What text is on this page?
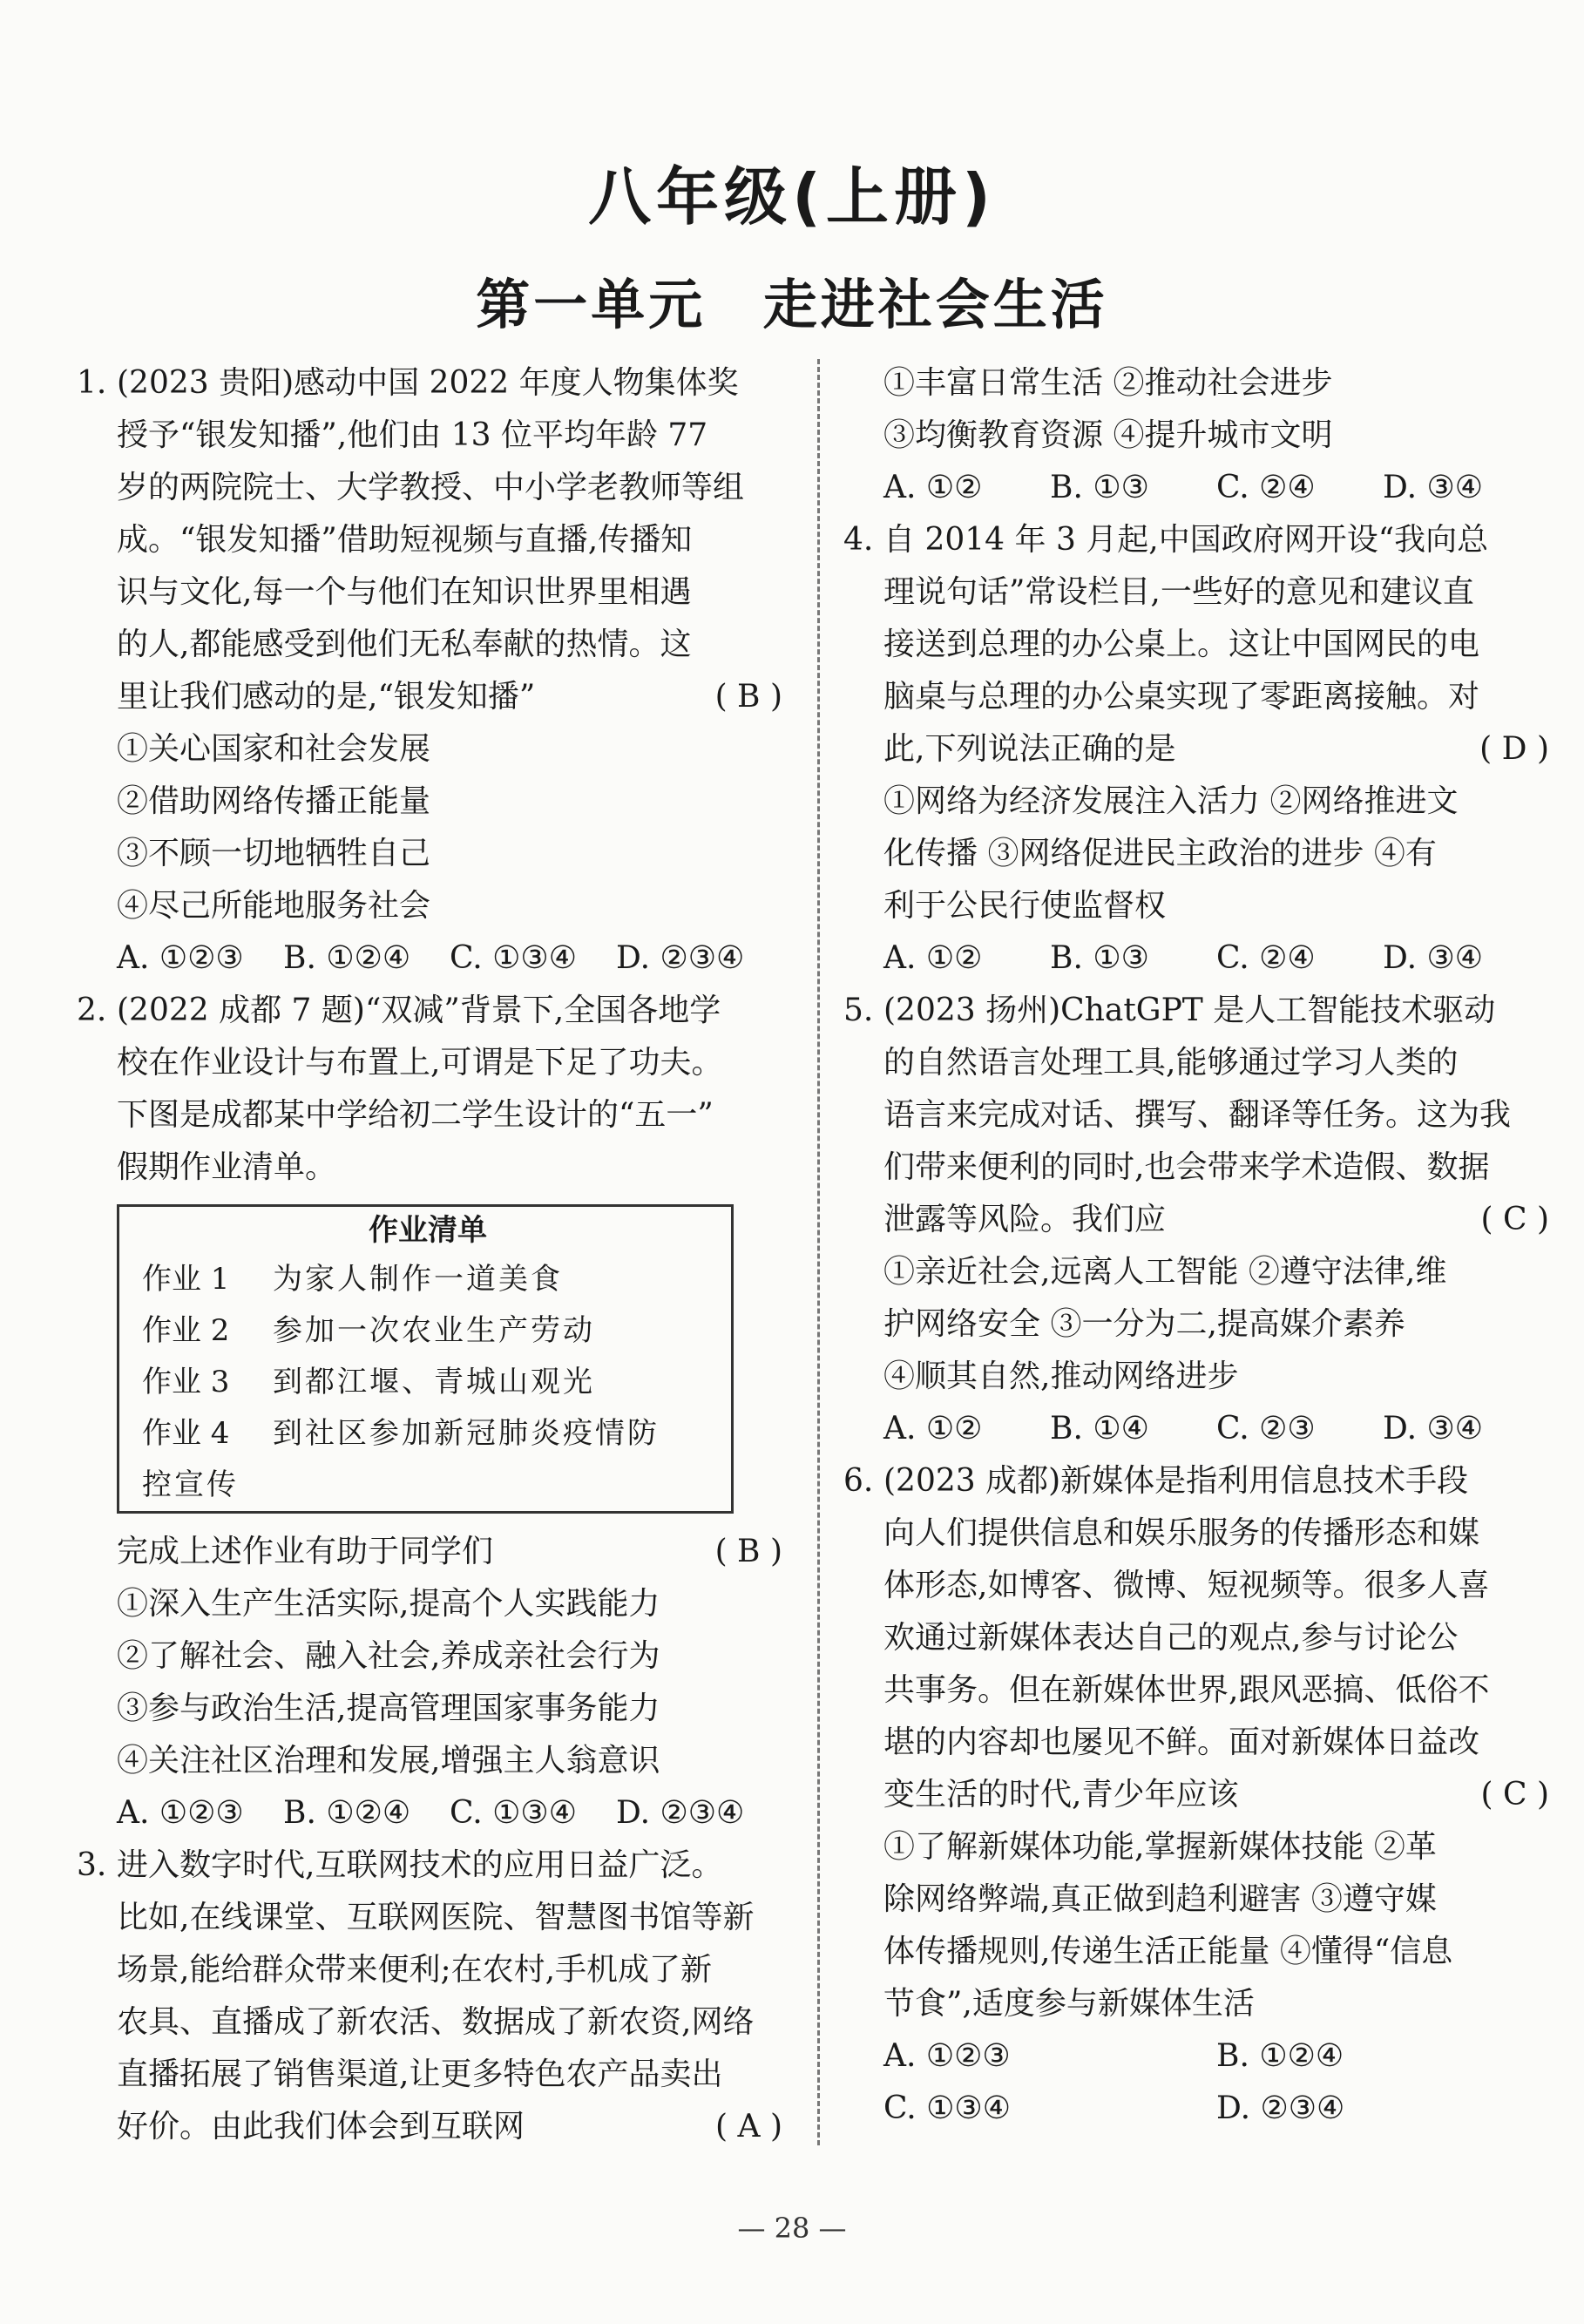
八年级(上册)
第一单元 走进社会生活
1. (2023 贵阳)感动中国 2022 年度人物集体奖
授予“银发知播”,他们由 13 位平均年龄 77
岁的两院院士、大学教授、中小学老教师等组
成。“银发知播”借助短视频与直播,传播知
识与文化,每一个与他们在知识世界里相遇
的人,都能感受到他们无私奉献的热情。这
里让我们感动的是,“银发知播”	( B )
①关心国家和社会发展
②借助网络传播正能量
③不顾一切地牺牲自己
④尽己所能地服务社会
A. ①②③	B. ①②④	C. ①③④	D. ②③④
2. (2022 成都 7 题)“双减”背景下,全国各地学
校在作业设计与布置上,可谓是下足了功夫。
下图是成都某中学给初二学生设计的“五一”
假期作业清单。
作业清单
作业 1	为家人制作一道美食
作业 2	参加一次农业生产劳动
作业 3	到都江堰、青城山观光
作业 4	到社区参加新冠肺炎疫情防
控宣传
完成上述作业有助于同学们	( B )
①深入生产生活实际,提高个人实践能力
②了解社会、融入社会,养成亲社会行为
③参与政治生活,提高管理国家事务能力
④关注社区治理和发展,增强主人翁意识
A. ①②③	B. ①②④	C. ①③④	D. ②③④
3. 进入数字时代,互联网技术的应用日益广泛。
比如,在线课堂、互联网医院、智慧图书馆等新
场景,能给群众带来便利;在农村,手机成了新
农具、直播成了新农活、数据成了新农资,网络
直播拓展了销售渠道,让更多特色农产品卖出
好价。由此我们体会到互联网	( A )
①丰富日常生活 ②推动社会进步
③均衡教育资源 ④提升城市文明
A. ①②	B. ①③	C. ②④	D. ③④
4. 自 2014 年 3 月起,中国政府网开设“我向总
理说句话”常设栏目,一些好的意见和建议直
接送到总理的办公桌上。这让中国网民的电
脑桌与总理的办公桌实现了零距离接触。对
此,下列说法正确的是	( D )
①网络为经济发展注入活力 ②网络推进文
化传播 ③网络促进民主政治的进步 ④有
利于公民行使监督权
A. ①②	B. ①③	C. ②④	D. ③④
5. (2023 扬州)ChatGPT 是人工智能技术驱动
的自然语言处理工具,能够通过学习人类的
语言来完成对话、撰写、翻译等任务。这为我
们带来便利的同时,也会带来学术造假、数据
泄露等风险。我们应	( C )
①亲近社会,远离人工智能 ②遵守法律,维
护网络安全 ③一分为二,提高媒介素养
④顺其自然,推动网络进步
A. ①②	B. ①④	C. ②③	D. ③④
6. (2023 成都)新媒体是指利用信息技术手段
向人们提供信息和娱乐服务的传播形态和媒
体形态,如博客、微博、短视频等。很多人喜
欢通过新媒体表达自己的观点,参与讨论公
共事务。但在新媒体世界,跟风恶搞、低俗不
堪的内容却也屡见不鲜。面对新媒体日益改
变生活的时代,青少年应该	( C )
①了解新媒体功能,掌握新媒体技能 ②革
除网络弊端,真正做到趋利避害 ③遵守媒
体传播规则,传递生活正能量 ④懂得“信息
节食”,适度参与新媒体生活
A. ①②③	B. ①②④
C. ①③④	D. ②③④
— 28 —
